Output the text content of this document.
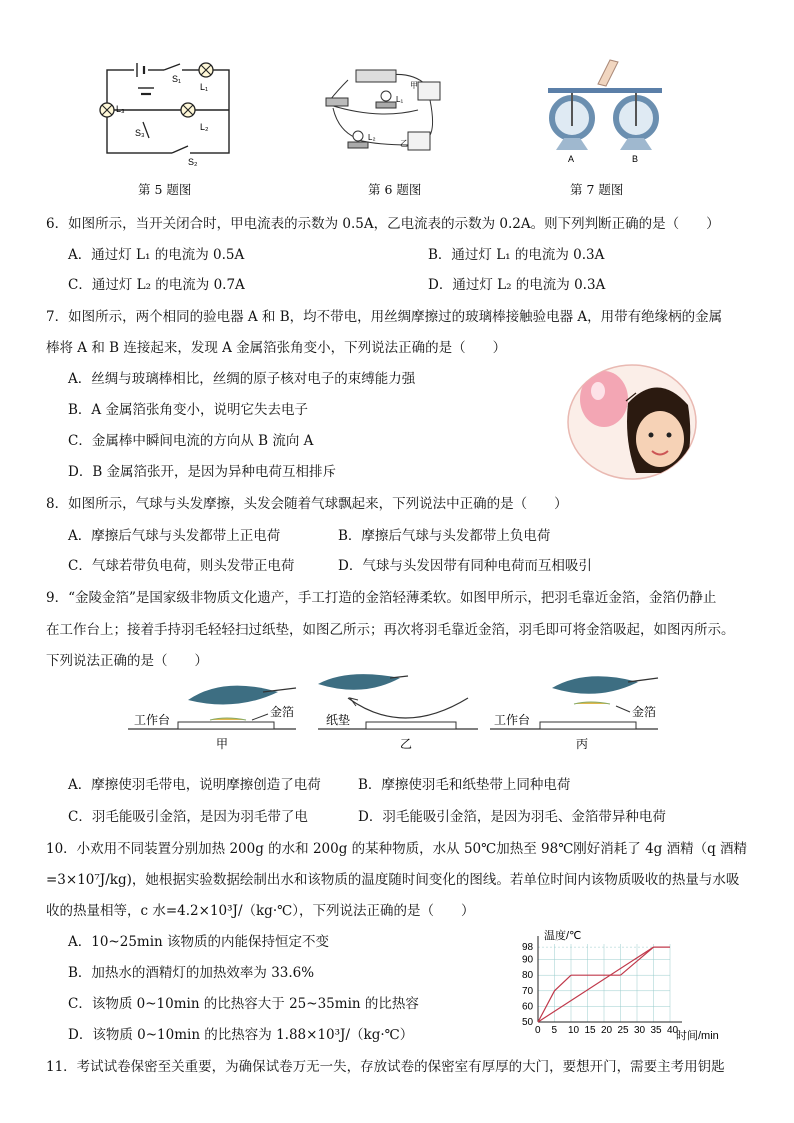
S₁
L₁
L₃
S₃
L₂
S₂
L₁
L₂
甲
乙
A	B
第 5 题图	第 6 题图	第 7 题图
6．如图所示，当开关闭合时，甲电流表的示数为 0.5A，乙电流表的示数为 0.2A。则下列判断正确的是（　　）
A．通过灯 L₁ 的电流为 0.5A	B．通过灯 L₁ 的电流为 0.3A
C．通过灯 L₂ 的电流为 0.7A	D．通过灯 L₂ 的电流为 0.3A
7．如图所示，两个相同的验电器 A 和 B，均不带电，用丝绸摩擦过的玻璃棒接触验电器 A，用带有绝缘柄的金属
棒将 A 和 B 连接起来，发现 A 金属箔张角变小，下列说法正确的是（　　）
A．丝绸与玻璃棒相比，丝绸的原子核对电子的束缚能力强
B．A 金属箔张角变小，说明它失去电子
C．金属棒中瞬间电流的方向从 B 流向 A
D．B 金属箔张开，是因为异种电荷互相排斥
8．如图所示，气球与头发摩擦，头发会随着气球飘起来，下列说法中正确的是（　　）
A．摩擦后气球与头发都带上正电荷	B．摩擦后气球与头发都带上负电荷
C．气球若带负电荷，则头发带正电荷	D．气球与头发因带有同种电荷而互相吸引
9．“金陵金箔”是国家级非物质文化遗产，手工打造的金箔轻薄柔软。如图甲所示，把羽毛靠近金箔，金箔仍静止
在工作台上；接着手持羽毛轻轻扫过纸垫，如图乙所示；再次将羽毛靠近金箔，羽毛即可将金箔吸起，如图丙所示。
下列说法正确的是（　　）
工作台
金箔
甲
纸垫
乙
工作台
金箔
丙
A．摩擦使羽毛带电，说明摩擦创造了电荷	B．摩擦使羽毛和纸垫带上同种电荷
C．羽毛能吸引金箔，是因为羽毛带了电	D．羽毛能吸引金箔，是因为羽毛、金箔带异种电荷
10．小欢用不同装置分别加热 200g 的水和 200g 的某种物质，水从 50℃加热至 98℃刚好消耗了 4g 酒精（q 酒精
=3×10⁷J/kg)，她根据实验数据绘制出水和该物质的温度随时间变化的图线。若单位时间内该物质吸收的热量与水吸
收的热量相等，c 水=4.2×10³J/（kg·℃），下列说法正确的是（　　）
A．10~25min 该物质的内能保持恒定不变
B．加热水的酒精灯的加热效率为 33.6%
C．该物质 0~10min 的比热容大于 25~35min 的比热容
D．该物质 0~10min 的比热容为 1.88×10³J/（kg·℃）	0 5 10 15 20 25 30 35 40
50
60
70
80
90
98
温度/℃
时间/min
11．考试试卷保密至关重要，为确保试卷万无一失，存放试卷的保密室有厚厚的大门，要想开门，需要主考用钥匙
